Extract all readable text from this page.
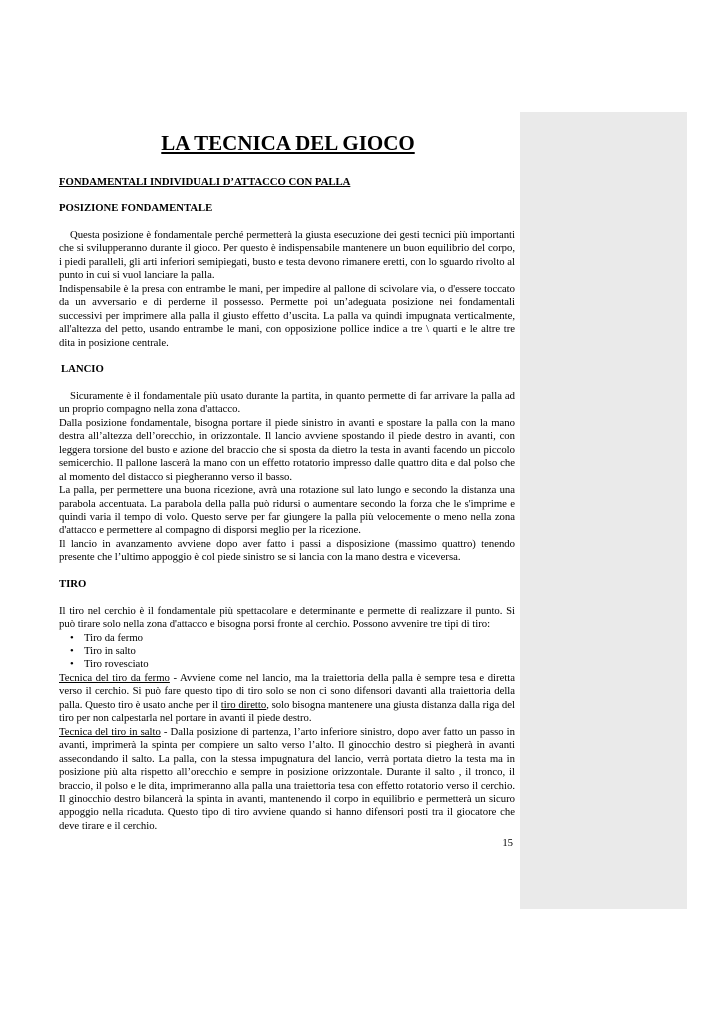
LA TECNICA DEL GIOCO
FONDAMENTALI INDIVIDUALI D’ATTACCO CON PALLA
POSIZIONE FONDAMENTALE

Questa posizione è fondamentale perché permetterà la giusta esecuzione dei gesti tecnici più importanti che si svilupperanno durante il gioco. Per questo è indispensabile mantenere un buon equilibrio del corpo, i piedi paralleli, gli arti inferiori semipiegati, busto e testa devono rimanere eretti, con lo sguardo rivolto al punto in cui si vuol lanciare la palla.

Indispensabile è la presa con entrambe le mani, per impedire al pallone di scivolare via, o d'essere toccato da un avversario e di perderne il possesso. Permette poi un’adeguata posizione nei fondamentali successivi per imprimere alla palla il giusto effetto d’uscita. La palla va quindi impugnata verticalmente, all'altezza del petto, usando entrambe le mani, con opposizione pollice indice a tre \ quarti e le altre tre dita in posizione centrale.

LANCIO

Sicuramente è il fondamentale più usato durante la partita, in quanto permette di far arrivare la palla ad un proprio compagno nella zona d'attacco.

Dalla posizione fondamentale, bisogna portare il piede sinistro in avanti e spostare la palla con la mano destra all’altezza dell’orecchio, in orizzontale. Il lancio avviene spostando il piede destro in avanti, con leggera torsione del busto e azione del braccio che si sposta da dietro la testa in avanti facendo un piccolo semicerchio. Il pallone lascerà la mano con un effetto rotatorio impresso dalle quattro dita e dal polso che al momento del distacco si piegheranno verso il basso.

La palla, per permettere una buona ricezione, avrà una rotazione sul lato lungo e secondo la distanza una parabola accentuata. La parabola della palla può ridursi o aumentare secondo la forza che le s'imprime e quindi varia il tempo di volo. Questo serve per far giungere la palla più velocemente o meno nella zona d'attacco e permettere al compagno di disporsi meglio per la ricezione.

Il lancio in avanzamento avviene dopo aver fatto i passi a disposizione (massimo quattro) tenendo presente che l’ultimo appoggio è col piede sinistro se si lancia con la mano destra e viceversa.

TIRO

Il tiro nel cerchio è il fondamentale più spettacolare e determinante e permette di realizzare il punto. Si può tirare solo nella zona d'attacco e bisogna porsi fronte al cerchio. Possono avvenire tre tipi di tiro:

• Tiro da fermo
• Tiro in salto
• Tiro rovesciato

Tecnica del tiro da fermo - Avviene come nel lancio, ma la traiettoria della palla è sempre tesa e diretta verso il cerchio. Si può fare questo tipo di tiro solo se non ci sono difensori davanti alla traiettoria della palla. Questo tiro è usato anche per il tiro diretto, solo bisogna mantenere una giusta distanza dalla riga del tiro per non calpestarla nel portare in avanti il piede destro.

Tecnica del tiro in salto - Dalla posizione di partenza, l’arto inferiore sinistro, dopo aver fatto un passo in avanti, imprimerà la spinta per compiere un salto verso l’alto. Il ginocchio destro si piegherà in avanti assecondando il salto. La palla, con la stessa impugnatura del lancio, verrà portata dietro la testa ma in posizione più alta rispetto all’orecchio e sempre in posizione orizzontale. Durante il salto , il tronco, il braccio, il polso e le dita, imprimeranno alla palla una traiettoria tesa con effetto rotatorio verso il cerchio. Il ginocchio destro bilancerà la spinta in avanti, mantenendo il corpo in equilibrio e permetterà un sicuro appoggio nella ricaduta. Questo tipo di tiro avviene quando si hanno difensori posti tra il giocatore che deve tirare e il cerchio.

15
